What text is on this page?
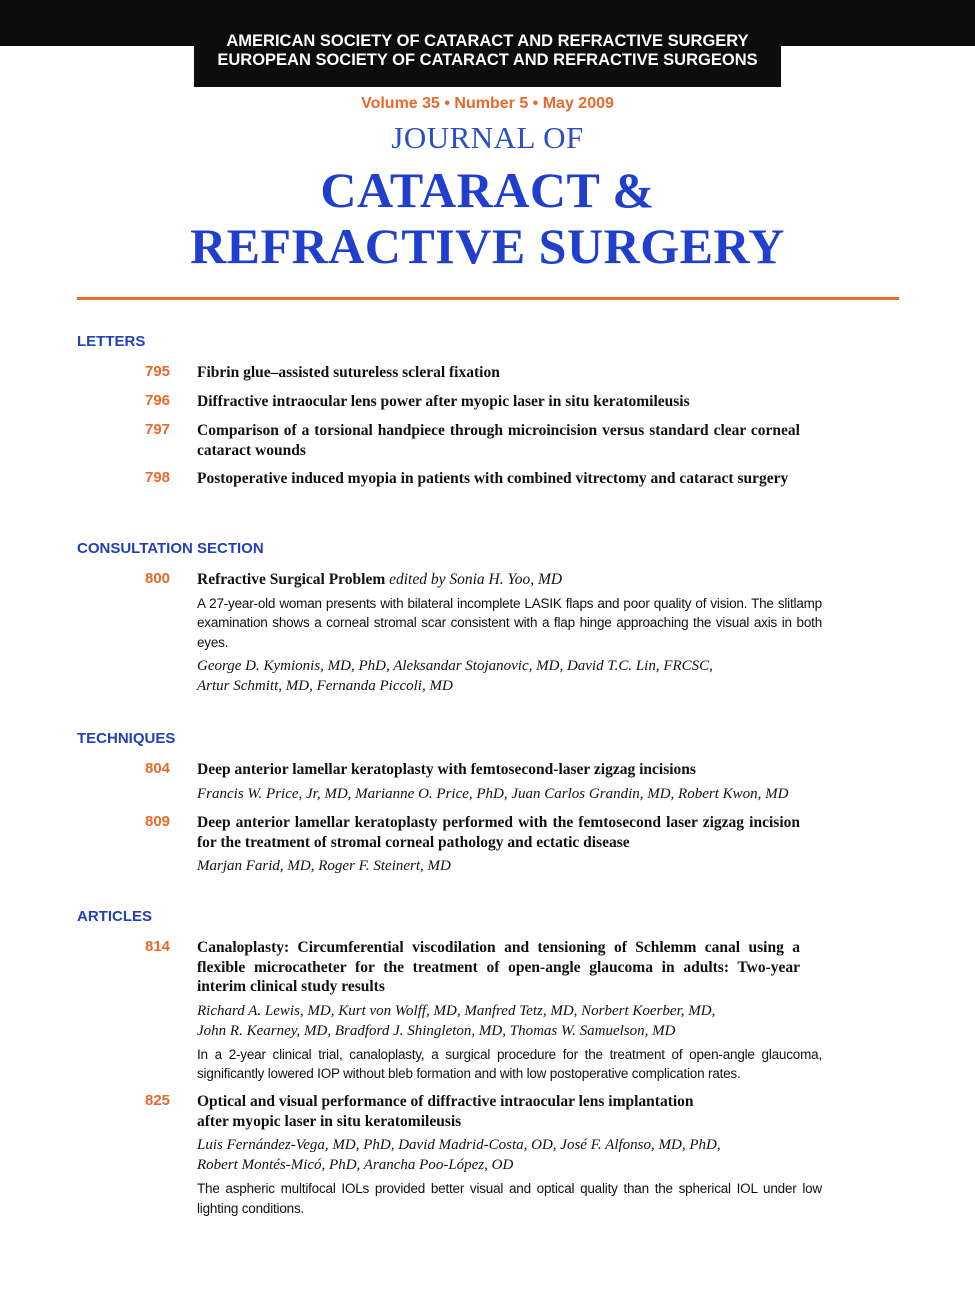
AMERICAN SOCIETY OF CATARACT AND REFRACTIVE SURGERY
EUROPEAN SOCIETY OF CATARACT AND REFRACTIVE SURGEONS
Volume 35 • Number 5 • May 2009
JOURNAL OF
CATARACT &
REFRACTIVE SURGERY
LETTERS
795 Fibrin glue–assisted sutureless scleral fixation
796 Diffractive intraocular lens power after myopic laser in situ keratomileusis
797 Comparison of a torsional handpiece through microincision versus standard clear corneal cataract wounds
798 Postoperative induced myopia in patients with combined vitrectomy and cataract surgery
CONSULTATION SECTION
800 Refractive Surgical Problem edited by Sonia H. Yoo, MD
A 27-year-old woman presents with bilateral incomplete LASIK flaps and poor quality of vision. The slitlamp examination shows a corneal stromal scar consistent with a flap hinge approaching the visual axis in both eyes.
George D. Kymionis, MD, PhD, Aleksandar Stojanovic, MD, David T.C. Lin, FRCSC,
Artur Schmitt, MD, Fernanda Piccoli, MD
TECHNIQUES
804 Deep anterior lamellar keratoplasty with femtosecond-laser zigzag incisions
Francis W. Price, Jr, MD, Marianne O. Price, PhD, Juan Carlos Grandin, MD, Robert Kwon, MD
809 Deep anterior lamellar keratoplasty performed with the femtosecond laser zigzag incision for the treatment of stromal corneal pathology and ectatic disease
Marjan Farid, MD, Roger F. Steinert, MD
ARTICLES
814 Canaloplasty: Circumferential viscodilation and tensioning of Schlemm canal using a flexible microcatheter for the treatment of open-angle glaucoma in adults: Two-year interim clinical study results
Richard A. Lewis, MD, Kurt von Wolff, MD, Manfred Tetz, MD, Norbert Koerber, MD,
John R. Kearney, MD, Bradford J. Shingleton, MD, Thomas W. Samuelson, MD
In a 2-year clinical trial, canaloplasty, a surgical procedure for the treatment of open-angle glaucoma, significantly lowered IOP without bleb formation and with low postoperative complication rates.
825 Optical and visual performance of diffractive intraocular lens implantation
after myopic laser in situ keratomileusis
Luis Fernández-Vega, MD, PhD, David Madrid-Costa, OD, José F. Alfonso, MD, PhD,
Robert Montés-Micó, PhD, Arancha Poo-López, OD
The aspheric multifocal IOLs provided better visual and optical quality than the spherical IOL under low lighting conditions.
